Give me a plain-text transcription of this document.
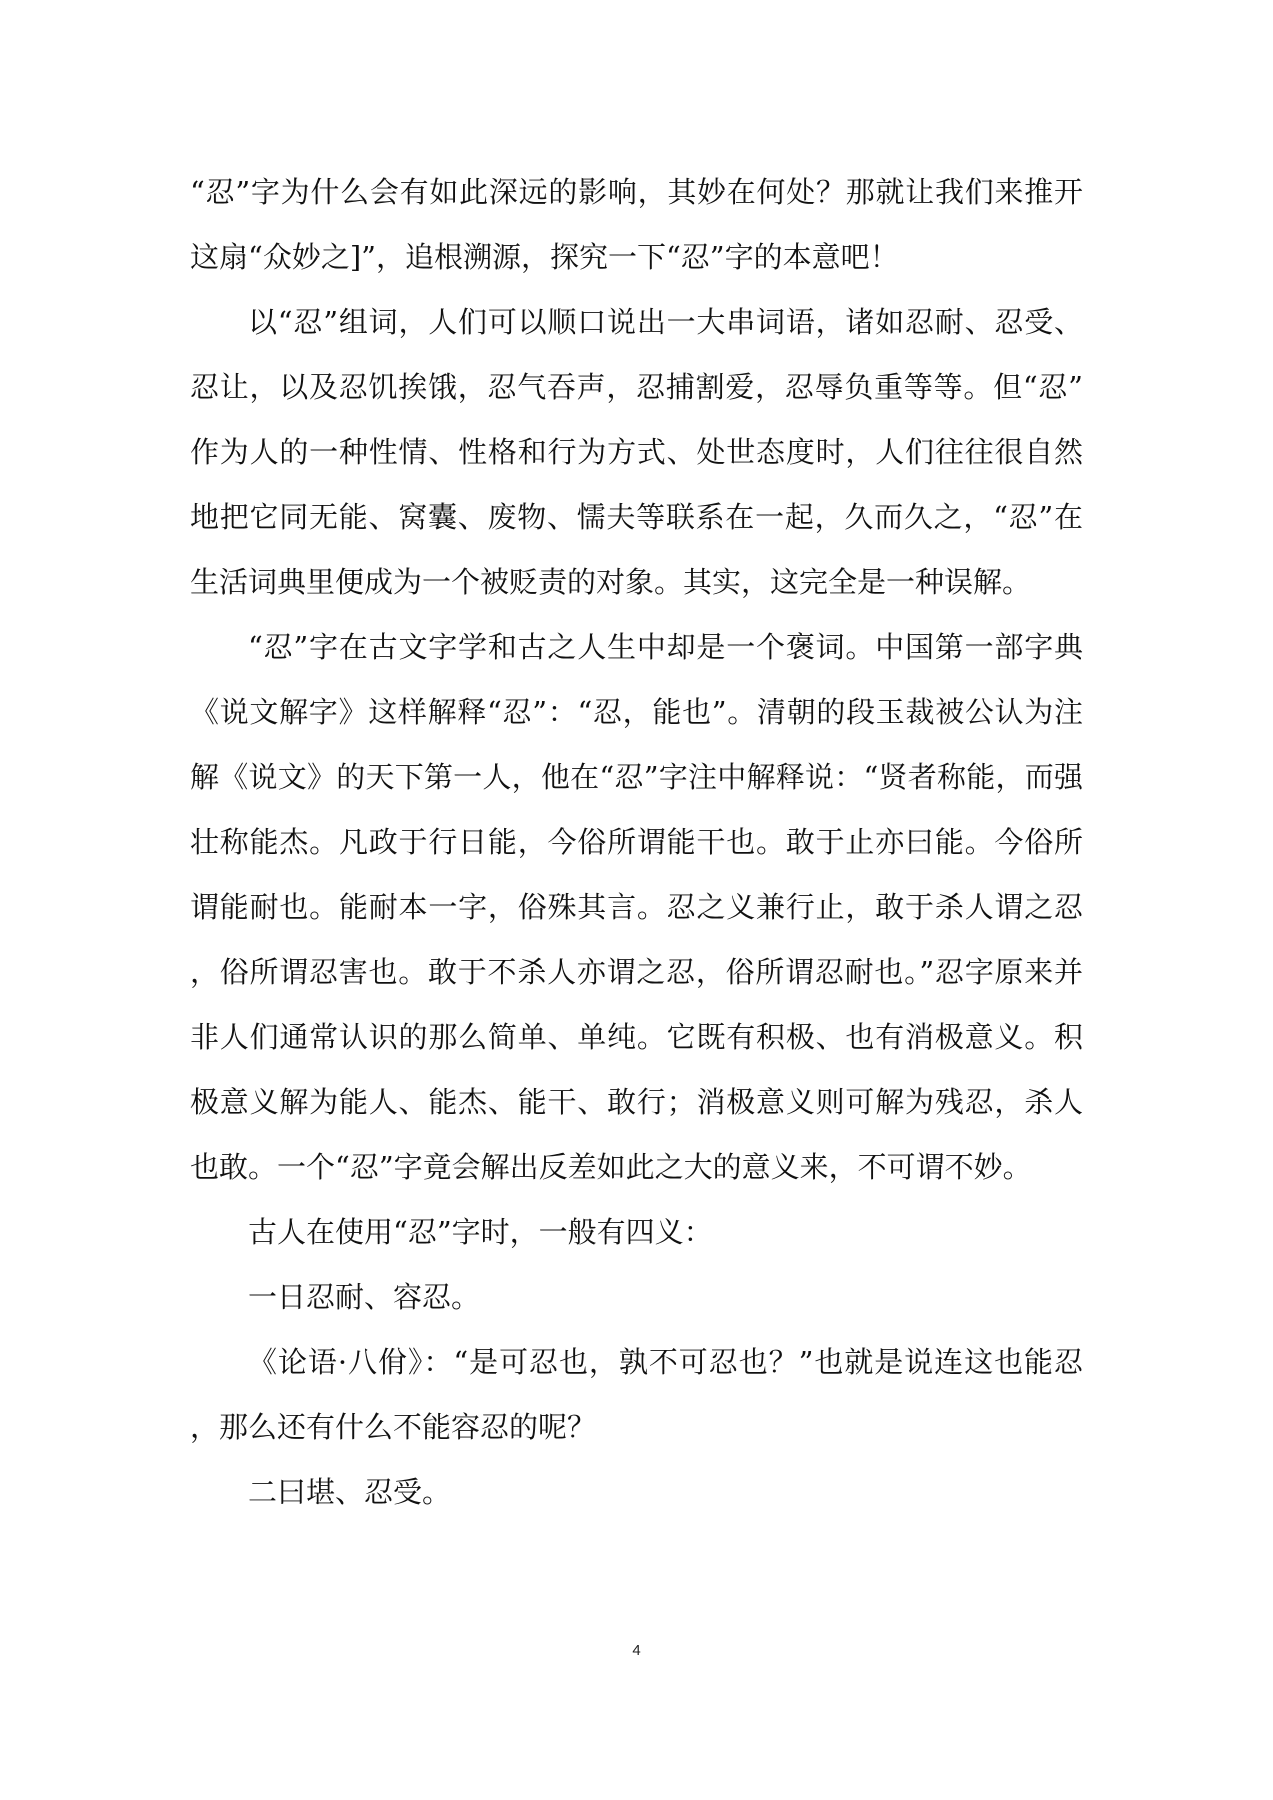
“忍”字为什么会有如此深远的影响，其妙在何处？那就让我们来推开这扇“众妙之]”，追根溯源，探究一下“忍”字的本意吧！

以“忍”组词，人们可以顺口说出一大串词语，诸如忍耐、忍受、忍让，以及忍饥挨饿，忍气吞声，忍捕割爱，忍辱负重等等。但“忍”作为人的一种性情、性格和行为方式、处世态度时，人们往往很自然地把它同无能、窝囊、废物、懦夫等联系在一起，久而久之，“忍”在生活词典里便成为一个被贬责的对象。其实，这完全是一种误解。

“忍”字在古文字学和古之人生中却是一个褒词。中国第一部字典《说文解字》这样解释“忍”：“忍，能也”。清朝的段玉裁被公认为注解《说文》的天下第一人，他在“忍”字注中解释说：“贤者称能，而强壮称能杰。凡政于行日能，今俗所谓能干也。敢于止亦曰能。今俗所谓能耐也。能耐本一字，俗殊其言。忍之义兼行止，敢于杀人谓之忍，俗所谓忍害也。敢于不杀人亦谓之忍，俗所谓忍耐也。”忍字原来并非人们通常认识的那么简单、单纯。它既有积极、也有消极意义。积极意义解为能人、能杰、能干、敢行；消极意义则可解为残忍，杀人也敢。一个“忍”字竟会解出反差如此之大的意义来，不可谓不妙。

古人在使用“忍”字时，一般有四义：

一日忍耐、容忍。

《论语·八佾》：“是可忍也，孰不可忍也？”也就是说连这也能忍，那么还有什么不能容忍的呢？

二曰堪、忍受。

4
